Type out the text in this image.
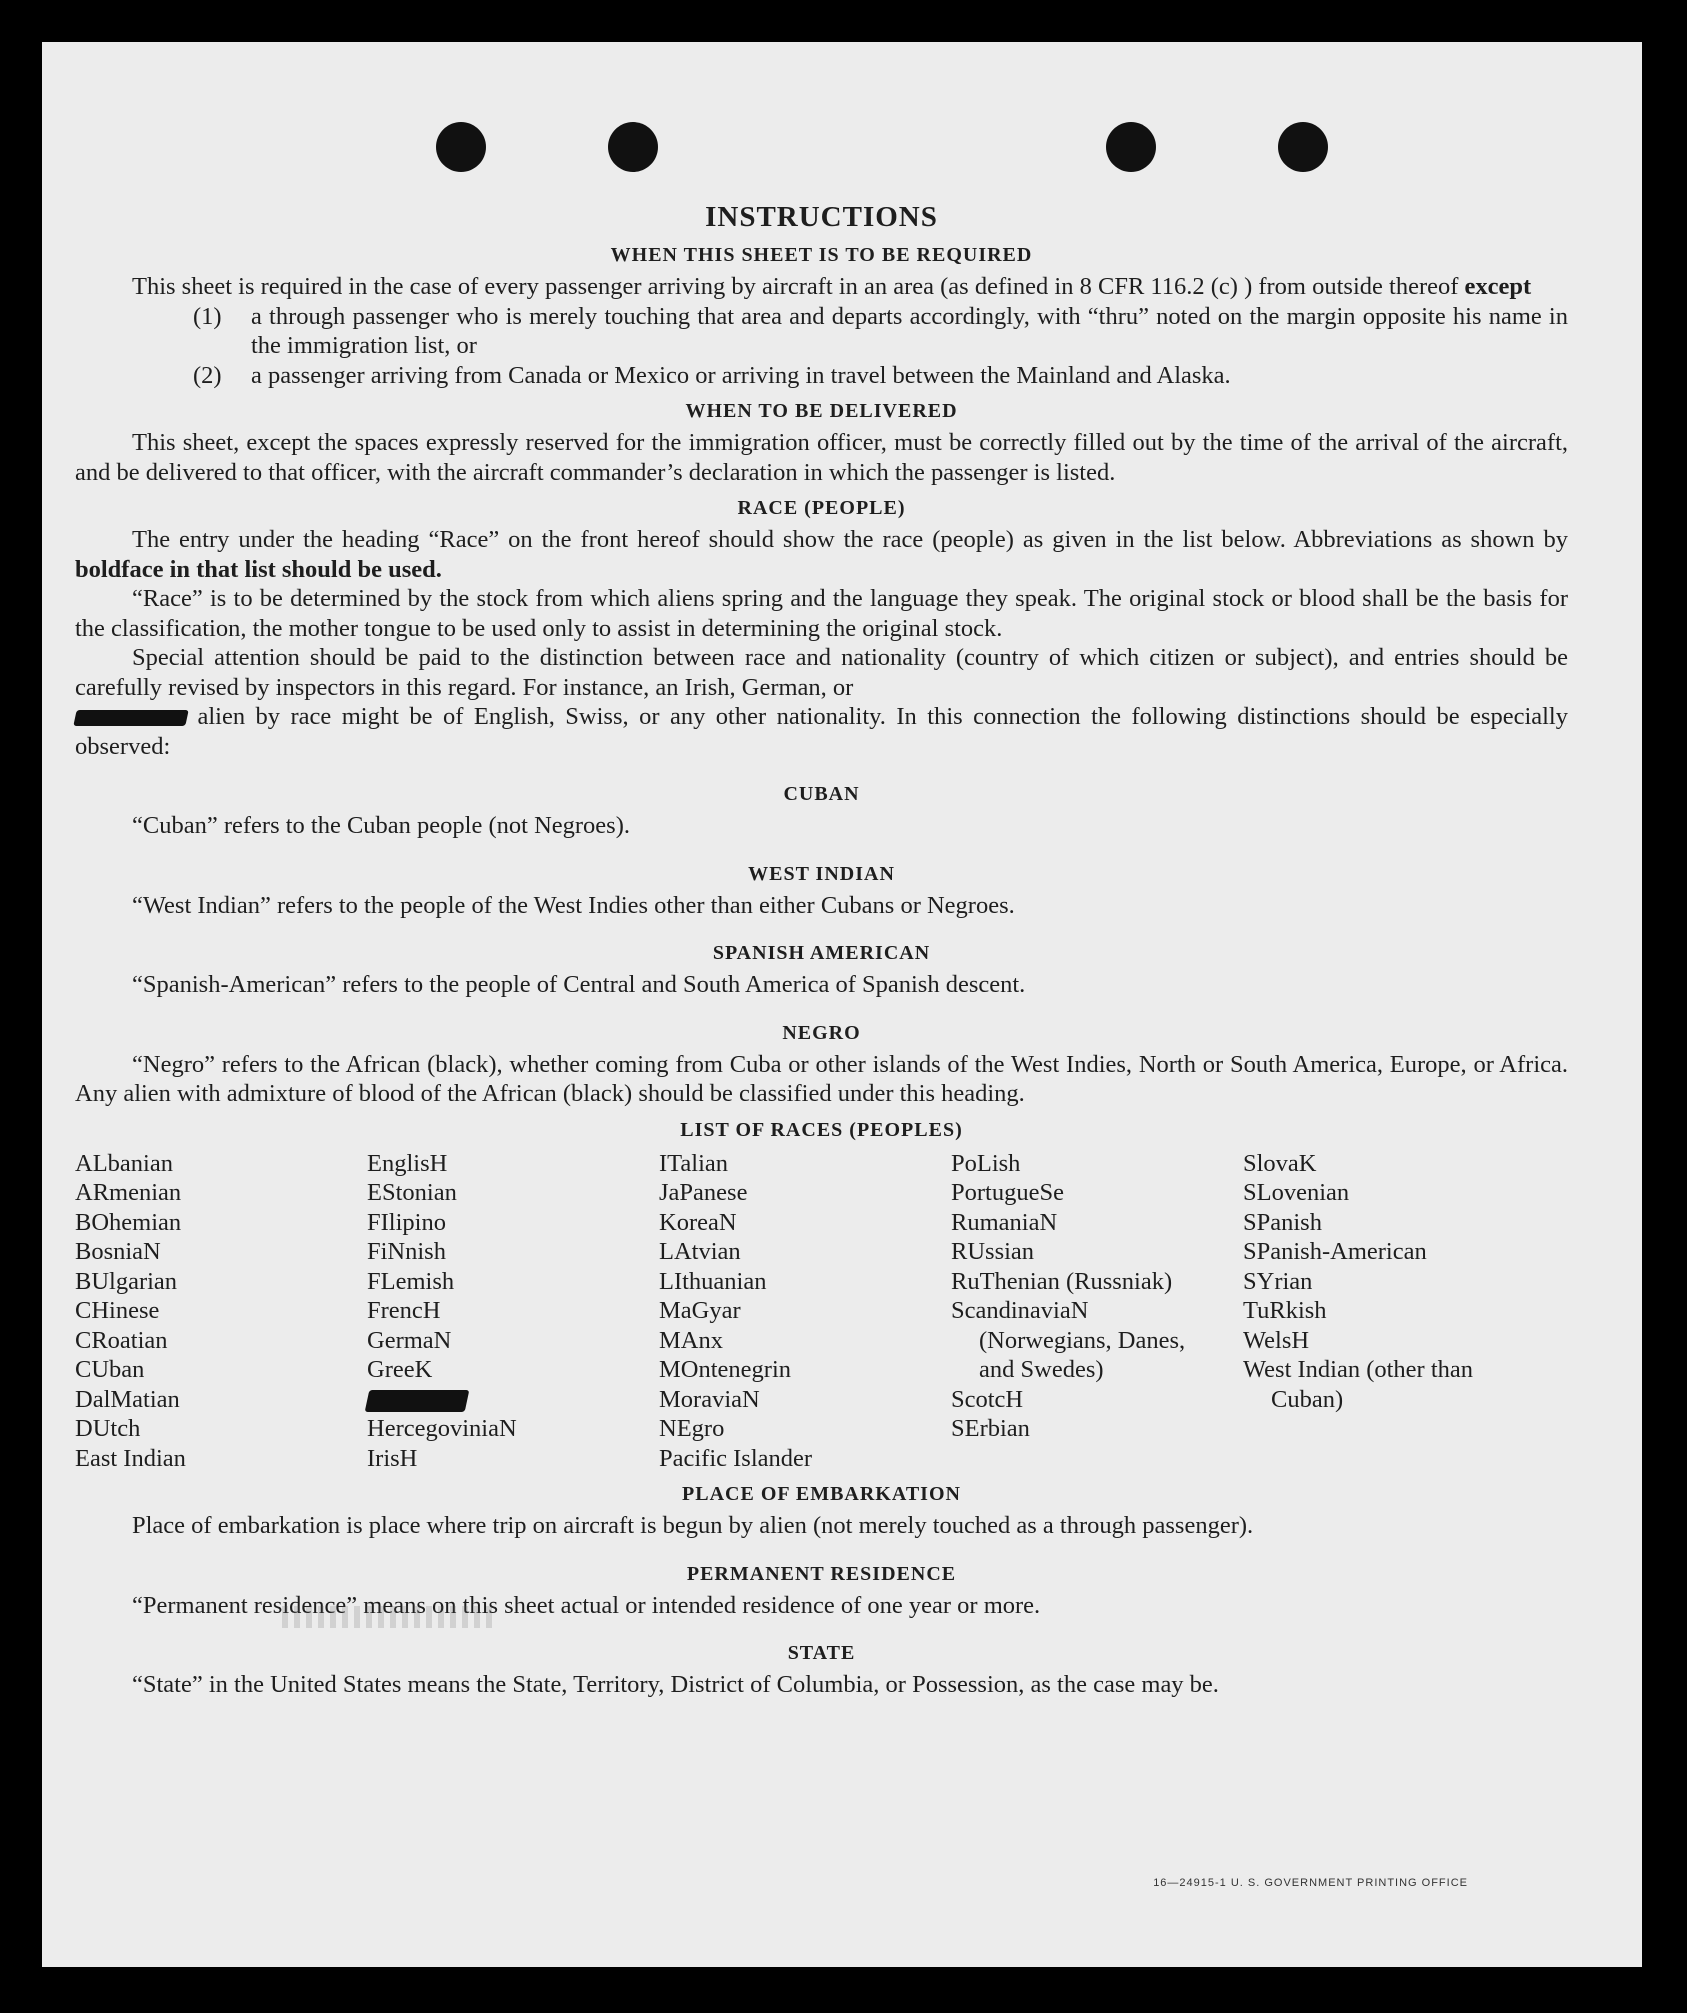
INSTRUCTIONS
WHEN THIS SHEET IS TO BE REQUIRED

This sheet is required in the case of every passenger arriving by aircraft in an area (as defined in 8 CFR 116.2 (c) ) from outside thereof except

(1)	a through passenger who is merely touching that area and departs accordingly, with “thru” noted on the margin opposite his name in the immigration list, or
(2)	a passenger arriving from Canada or Mexico or arriving in travel between the Mainland and Alaska.
WHEN TO BE DELIVERED

This sheet, except the spaces expressly reserved for the immigration officer, must be correctly filled out by the time of the arrival of the aircraft, and be delivered to that officer, with the aircraft commander’s declaration in which the passenger is listed.

RACE (PEOPLE)

The entry under the heading “Race” on the front hereof should show the race (people) as given in the list below. Abbreviations as shown by boldface in that list should be used.

“Race” is to be determined by the stock from which aliens spring and the language they speak. The original stock or blood shall be the basis for the classification, the mother tongue to be used only to assist in determining the original stock.

Special attention should be paid to the distinction between race and nationality (country of which citizen or subject), and entries should be carefully revised by inspectors in this regard. For instance, an Irish, German, or
alien by race might be of English, Swiss, or any other nationality. In this connection the following distinctions should be especially observed:

CUBAN

“Cuban” refers to the Cuban people (not Negroes).

WEST INDIAN

“West Indian” refers to the people of the West Indies other than either Cubans or Negroes.

SPANISH AMERICAN

“Spanish-American” refers to the people of Central and South America of Spanish descent.

NEGRO

“Negro” refers to the African (black), whether coming from Cuba or other islands of the West Indies, North or South America, Europe, or Africa. Any alien with admixture of blood of the African (black) should be classified under this heading.

LIST OF RACES (PEOPLES)
ALbanian
ARmenian
BOhemian
BosniaN
BUlgarian
CHinese
CRoatian
CUban
DalMatian
DUtch
East Indian
EnglisH
EStonian
FIlipino
FiNnish
FLemish
FrencH
GermaN
GreeK
HercegoviniaN
IrisH
ITalian
JaPanese
KoreaN
LAtvian
LIthuanian
MaGyar
MAnx
MOntenegrin
MoraviaN
NEgro
Pacific Islander
PoLish
PortugueSe
RumaniaN
RUssian
RuThenian (Russniak)
ScandinaviaN (Norwegians, Danes, and Swedes)
ScotcH
SErbian
SlovaK
SLovenian
SPanish
SPanish-American
SYrian
TuRkish
WelsH
West Indian (other than Cuban)
PLACE OF EMBARKATION

Place of embarkation is place where trip on aircraft is begun by alien (not merely touched as a through passenger).

PERMANENT RESIDENCE

“Permanent residence” means on this sheet actual or intended residence of one year or more.

STATE

“State” in the United States means the State, Territory, District of Columbia, or Possession, as the case may be.

16—24915-1 U. S. GOVERNMENT PRINTING OFFICE
